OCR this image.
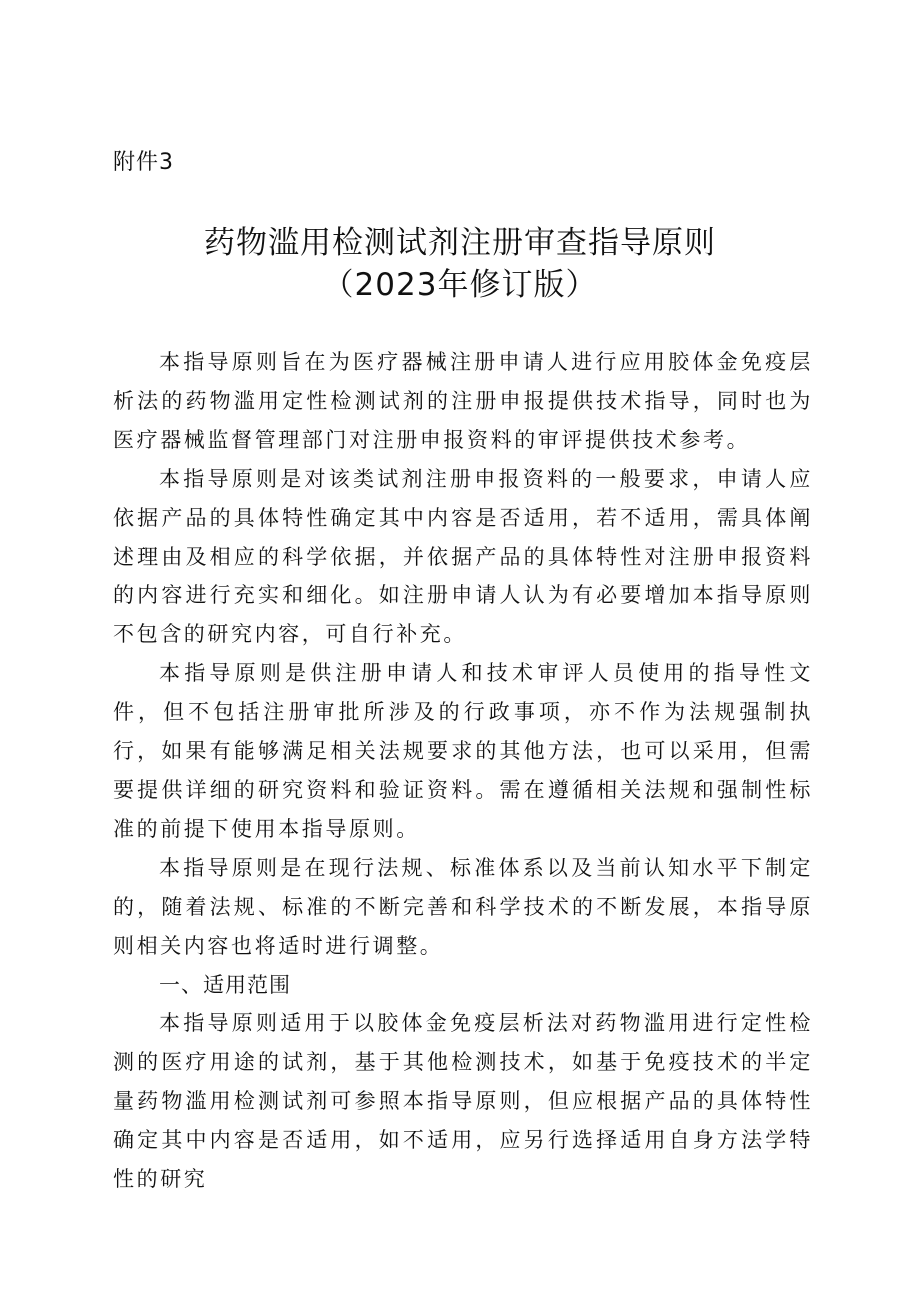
附件3
药物滥用检测试剂注册审查指导原则
（2023年修订版）

本指导原则旨在为医疗器械注册申请人进行应用胶体金免疫层析法的药物滥用定性检测试剂的注册申报提供技术指导，同时也为医疗器械监督管理部门对注册申报资料的审评提供技术参考。

本指导原则是对该类试剂注册申报资料的一般要求，申请人应依据产品的具体特性确定其中内容是否适用，若不适用，需具体阐述理由及相应的科学依据，并依据产品的具体特性对注册申报资料的内容进行充实和细化。如注册申请人认为有必要增加本指导原则不包含的研究内容，可自行补充。

本指导原则是供注册申请人和技术审评人员使用的指导性文件，但不包括注册审批所涉及的行政事项，亦不作为法规强制执行，如果有能够满足相关法规要求的其他方法，也可以采用，但需要提供详细的研究资料和验证资料。需在遵循相关法规和强制性标准的前提下使用本指导原则。

本指导原则是在现行法规、标准体系以及当前认知水平下制定的，随着法规、标准的不断完善和科学技术的不断发展，本指导原则相关内容也将适时进行调整。

一、适用范围

本指导原则适用于以胶体金免疫层析法对药物滥用进行定性检测的医疗用途的试剂，基于其他检测技术，如基于免疫技术的半定量药物滥用检测试剂可参照本指导原则，但应根据产品的具体特性确定其中内容是否适用，如不适用，应另行选择适用自身方法学特性的研究
